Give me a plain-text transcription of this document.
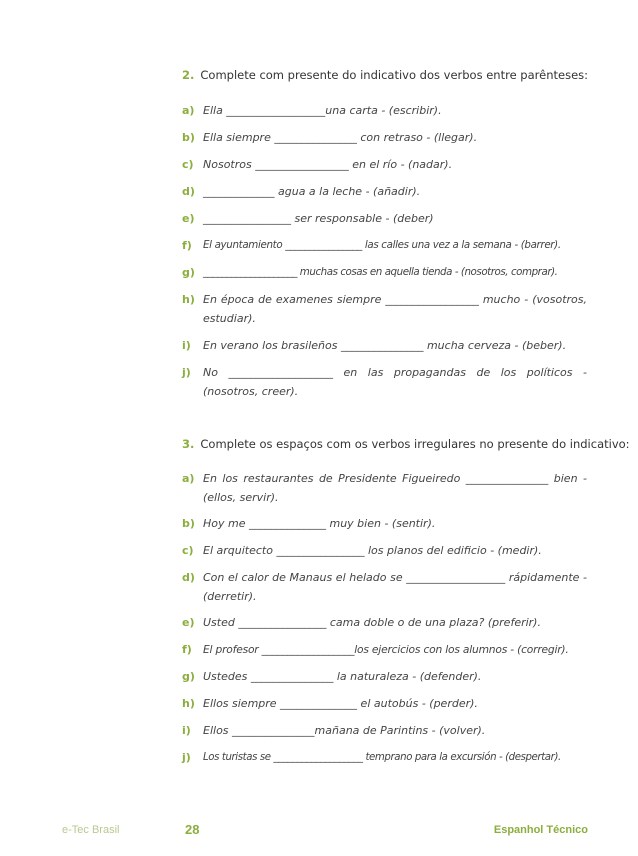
2. Complete com presente do indicativo dos verbos entre parênteses:
a) Ella __________________una carta - (escribir).
b) Ella siempre _______________ con retraso - (llegar).
c) Nosotros _________________ en el río - (nadar).
d) _____________ agua a la leche - (añadir).
e) ________________ ser responsable - (deber)
f) El ayuntamiento ________________ las calles una vez a la semana - (barrer).
g) ____________________ muchas cosas en aquella tienda - (nosotros, comprar).
h) En época de examenes siempre _________________ mucho - (vosotros,
estudiar).
i) En verano los brasileños _______________ mucha cerveza - (beber).
j) No ___________________ en las propagandas de los políticos -
(nosotros, creer).
3. Complete os espaços com os verbos irregulares no presente do indicativo:
a) En los restaurantes de Presidente Figueiredo _______________ bien -
(ellos, servir).
b) Hoy me ______________ muy bien - (sentir).
c) El arquitecto ________________ los planos del edificio - (medir).
d) Con el calor de Manaus el helado se __________________ rápidamente -
(derretir).
e) Usted ________________ cama doble o de una plaza? (preferir).
f) El profesor __________________los ejercicios con los alumnos - (corregir).
g) Ustedes _______________ la naturaleza - (defender).
h) Ellos siempre ______________ el autobús - (perder).
i) Ellos _______________mañana de Parintins - (volver).
j) Los turistas se ___________________ temprano para la excursión - (despertar).
e-Tec Brasil	28	Espanhol Técnico
